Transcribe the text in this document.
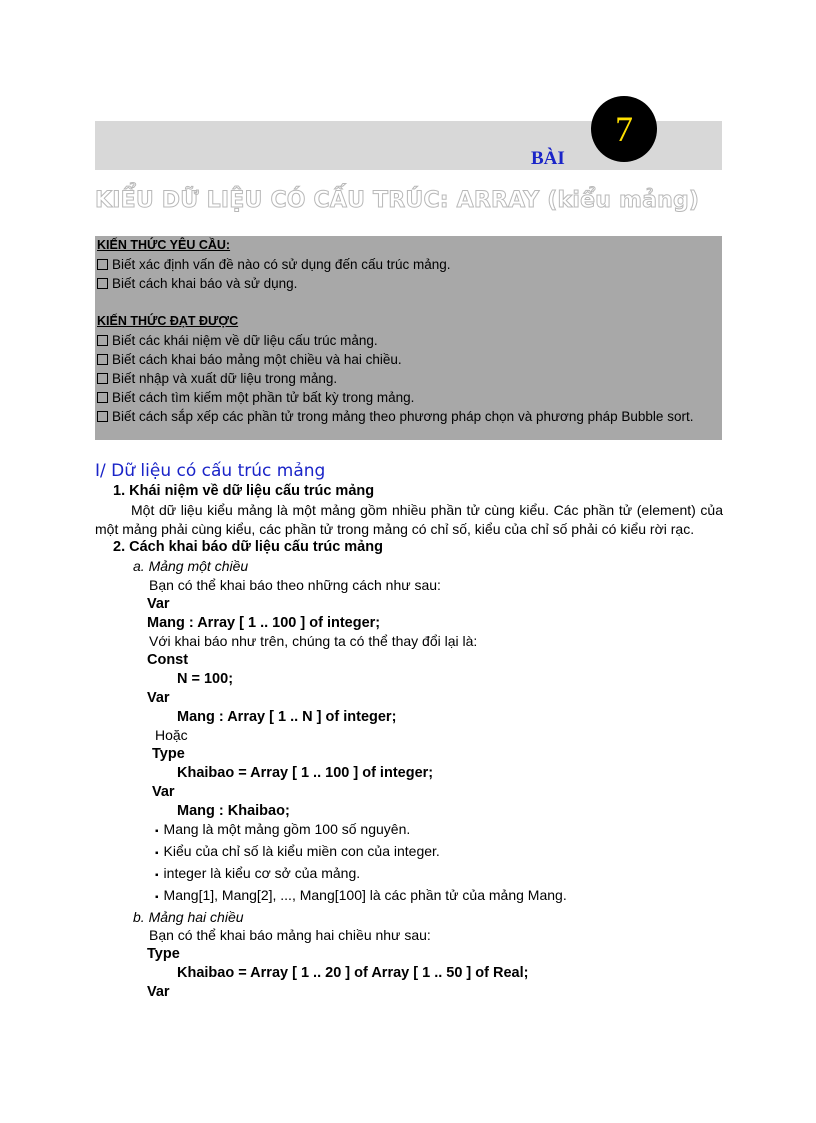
BÀI
7
KIỂU DỮ LIỆU CÓ CẤU TRÚC: ARRAY (kiểu mảng)
KIẾN THỨC YÊU CẦU:
Biết xác định vấn đề nào có sử dụng đến cấu trúc mảng.
Biết cách khai báo và sử dụng.
KIẾN THỨC ĐẠT ĐƯỢC
Biết các khái niệm về dữ liệu cấu trúc mảng.
Biết cách khai báo mảng một chiều và hai chiều.
Biết nhập và xuất dữ liệu trong mảng.
Biết cách tìm kiếm một phần tử bất kỳ trong mảng.
Biết cách sắp xếp các phần tử trong mảng theo phương pháp chọn và phương pháp Bubble sort.
I/ Dữ liệu có cấu trúc mảng
1. Khái niệm về dữ liệu cấu trúc mảng
Một dữ liệu kiểu mảng là một mảng gồm nhiều phần tử cùng kiểu. Các phần tử (element) của một mảng phải cùng kiểu, các phần tử trong mảng có chỉ số, kiểu của chỉ số phải có kiểu rời rạc.
2. Cách khai báo dữ liệu cấu trúc mảng
a. Mảng một chiều
Bạn có thể khai báo theo những cách như sau:
Var
Mang : Array [ 1 .. 100 ] of integer;
Với khai báo như trên, chúng ta có thể thay đổi lại là:
Const
N = 100;
Var
Mang : Array [ 1 .. N ] of integer;
Hoặc
Type
Khaibao = Array [ 1 .. 100 ] of integer;
Var
Mang : Khaibao;
▪ Mang là một mảng gồm 100 số nguyên.
▪ Kiểu của chỉ số là kiểu miền con của integer.
▪ integer là kiểu cơ sở của mảng.
▪ Mang[1], Mang[2], ..., Mang[100] là các phần tử của mảng Mang.
b. Mảng hai chiều
Bạn có thể khai báo mảng hai chiều như sau:
Type
Khaibao = Array [ 1 .. 20 ] of Array [ 1 .. 50 ] of Real;
Var
